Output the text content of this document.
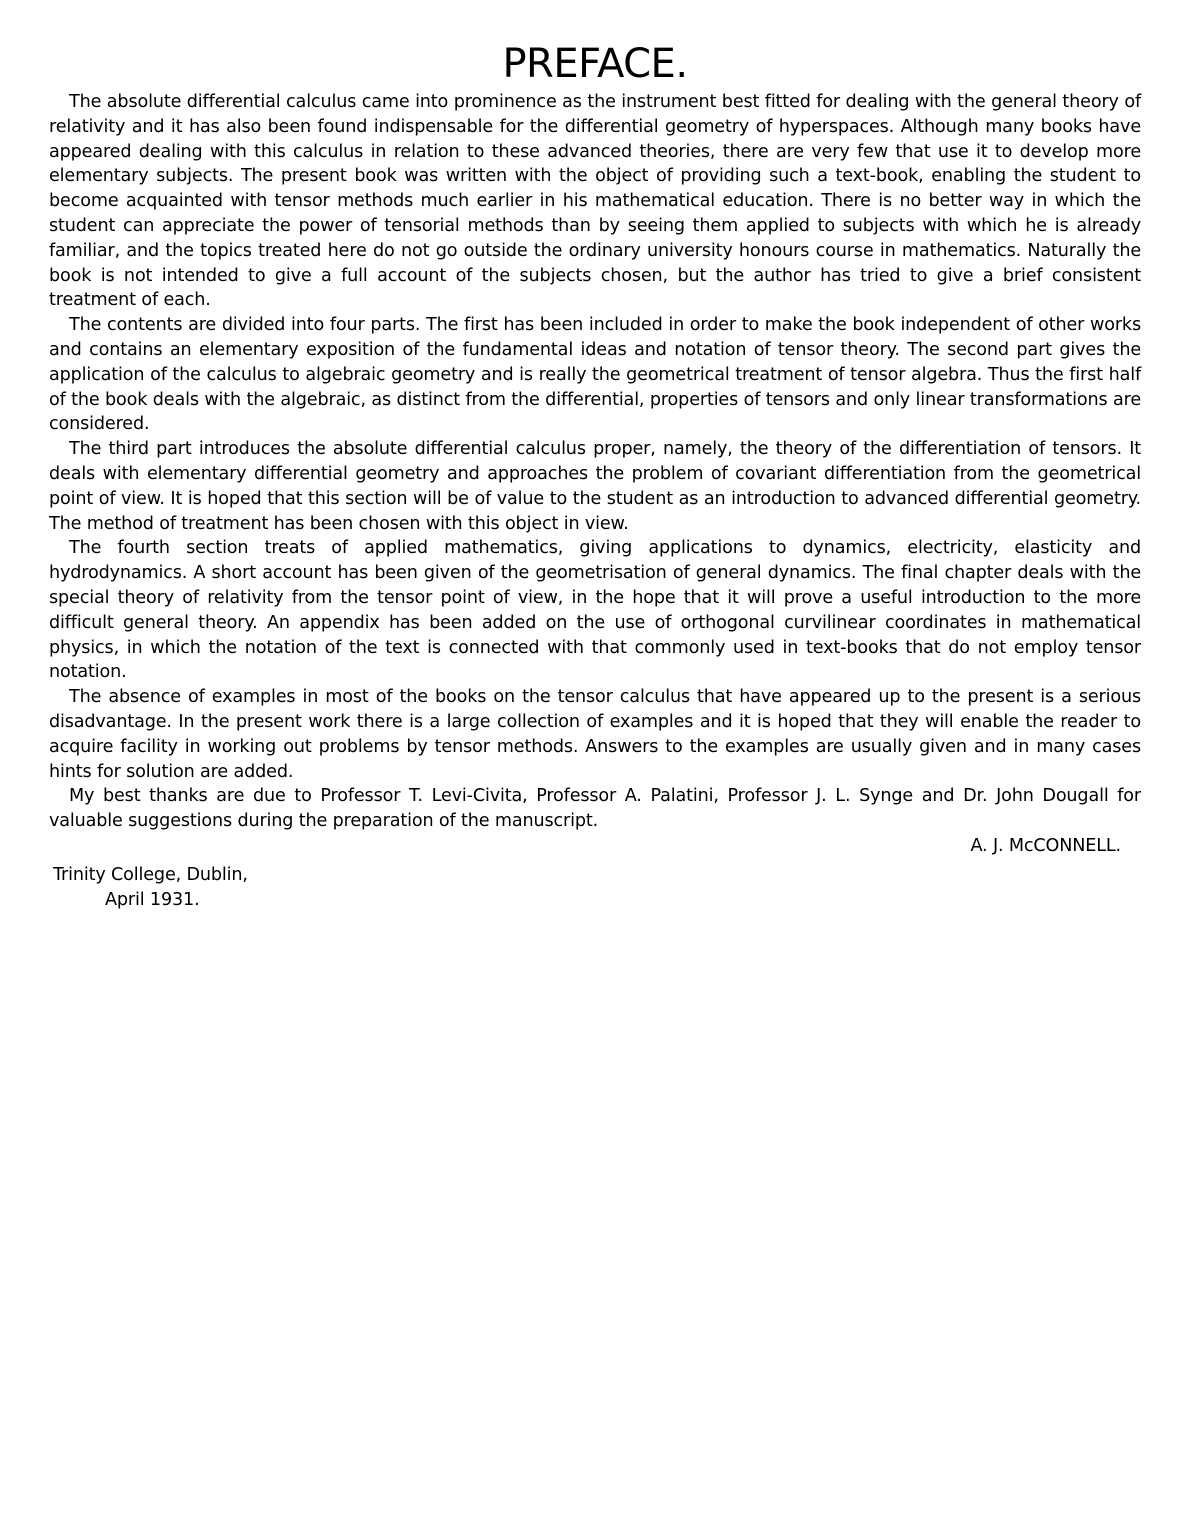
PREFACE.

The absolute differential calculus came into prominence as the instrument best fitted for dealing with the general theory of relativity and it has also been found indispensable for the differential geometry of hyperspaces. Although many books have appeared dealing with this calculus in relation to these advanced theories, there are very few that use it to develop more elementary subjects. The present book was written with the object of providing such a text-book, enabling the student to become acquainted with tensor methods much earlier in his mathematical education. There is no better way in which the student can appreciate the power of tensorial methods than by seeing them applied to subjects with which he is already familiar, and the topics treated here do not go outside the ordinary university honours course in mathematics. Naturally the book is not intended to give a full account of the subjects chosen, but the author has tried to give a brief consistent treatment of each.

The contents are divided into four parts. The first has been included in order to make the book independent of other works and contains an elementary exposition of the fundamental ideas and notation of tensor theory. The second part gives the application of the calculus to algebraic geometry and is really the geometrical treatment of tensor algebra. Thus the first half of the book deals with the algebraic, as distinct from the differential, properties of tensors and only linear transformations are considered.

The third part introduces the absolute differential calculus proper, namely, the theory of the differentiation of tensors. It deals with elementary differential geometry and approaches the problem of covariant differentiation from the geometrical point of view. It is hoped that this section will be of value to the student as an introduction to advanced differential geometry. The method of treatment has been chosen with this object in view.

The fourth section treats of applied mathematics, giving applications to dynamics, electricity, elasticity and hydrodynamics. A short account has been given of the geometrisation of general dynamics. The final chapter deals with the special theory of relativity from the tensor point of view, in the hope that it will prove a useful introduction to the more difficult general theory. An appendix has been added on the use of orthogonal curvilinear coordinates in mathematical physics, in which the notation of the text is connected with that commonly used in text-books that do not employ tensor notation.

The absence of examples in most of the books on the tensor calculus that have appeared up to the present is a serious disadvantage. In the present work there is a large collection of examples and it is hoped that they will enable the reader to acquire facility in working out problems by tensor methods. Answers to the examples are usually given and in many cases hints for solution are added.

My best thanks are due to Professor T. Levi-Civita, Professor A. Palatini, Professor J. L. Synge and Dr. John Dougall for valuable suggestions during the preparation of the manuscript.

A. J. McCONNELL.

Trinity College, Dublin,

April 1931.
